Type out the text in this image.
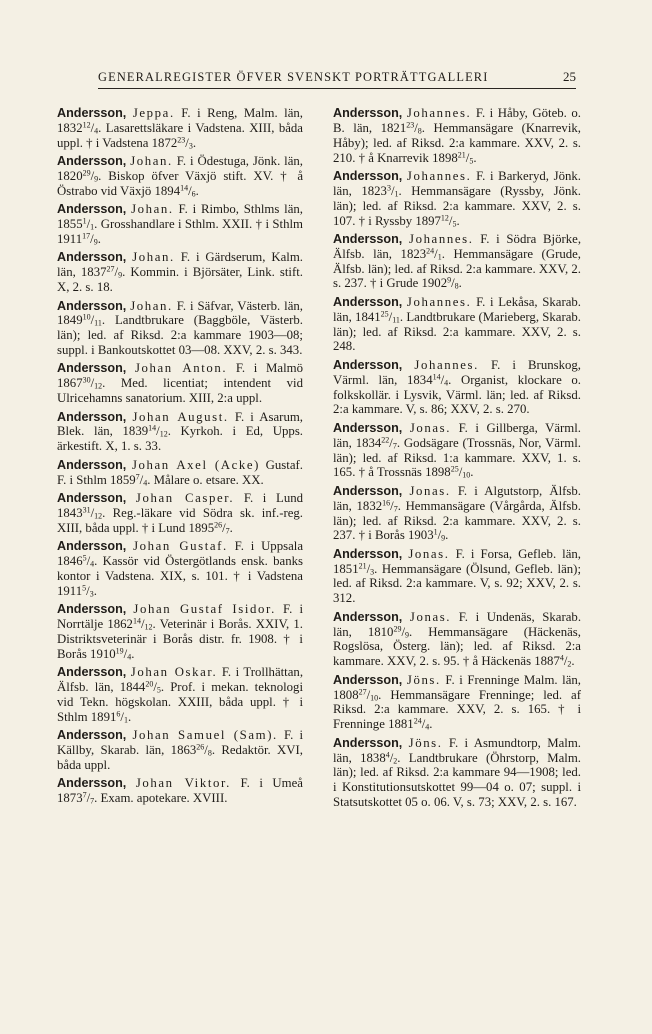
GENERALREGISTER ÖFVER SVENSKT PORTRÄTTGALLERI	25

Andersson, Jeppa. F. i Reng, Malm. län, $1832^{12}/_4$. Lasarettsläkare i Vadstena. XIII, båda uppl. † i Vadstena $1872^{23}/_3$.

Andersson, Johan. F. i Ödestuga, Jönk. län, $1820^{29}/_9$. Biskop öfver Växjö stift. XV. † å Östrabo vid Växjö $1894^{14}/_6$.

Andersson, Johan. F. i Rimbo, Sthlms län, $1855^1/_1$. Grosshandlare i Sthlm. XXII. † i Sthlm $1911^{17}/_9$.

Andersson, Johan. F. i Gärdserum, Kalm. län, $1837^{27}/_9$. Kommin. i Björsäter, Link. stift. X, 2. s. 18.

Andersson, Johan. F. i Säfvar, Västerb. län, $1849^{10}/_{11}$. Landtbrukare (Baggböle, Västerb. län); led. af Riksd. 2:a kammare 1903—08; suppl. i Bankoutskottet 03—08. XXV, 2. s. 343.

Andersson, Johan Anton. F. i Malmö $1867^{30}/_{12}$. Med. licentiat; intendent vid Ulricehamns sanatorium. XIII, 2:a uppl.

Andersson, Johan August. F. i Asarum, Blek. län, $1839^{14}/_{12}$. Kyrkoh. i Ed, Upps. ärkestift. X, 1. s. 33.

Andersson, Johan Axel (Acke) Gustaf. F. i Sthlm $1859^7/_4$. Målare o. etsare. XX.

Andersson, Johan Casper. F. i Lund $1843^{31}/_{12}$. Reg.-läkare vid Södra sk. inf.-reg. XIII, båda uppl. † i Lund $1895^{26}/_7$.

Andersson, Johan Gustaf. F. i Uppsala $1846^5/_4$. Kassör vid Östergötlands ensk. banks kontor i Vadstena. XIX, s. 101. † i Vadstena $1911^5/_3$.

Andersson, Johan Gustaf Isidor. F. i Norrtälje $1862^{14}/_{12}$. Veterinär i Borås. XXIV, 1. Distriktsveterinär i Borås distr. fr. 1908. † i Borås $1910^{19}/_4$.

Andersson, Johan Oskar. F. i Trollhättan, Älfsb. län, $1844^{20}/_5$. Prof. i mekan. teknologi vid Tekn. högskolan. XXIII, båda uppl. † i Sthlm $1891^6/_1$.

Andersson, Johan Samuel (Sam). F. i Källby, Skarab. län, $1863^{26}/_8$. Redaktör. XVI, båda uppl.

Andersson, Johan Viktor. F. i Umeå $1873^7/_7$. Exam. apotekare. XVIII.

Andersson, Johannes. F. i Håby, Göteb. o. B. län, $1821^{23}/_8$. Hemmansägare (Knarrevik, Håby); led. af Riksd. 2:a kammare. XXV, 2. s. 210. † å Knarrevik $1898^{21}/_5$.

Andersson, Johannes. F. i Barkeryd, Jönk. län, $1823^3/_1$. Hemmansägare (Ryssby, Jönk. län); led. af Riksd. 2:a kammare. XXV, 2. s. 107. † i Ryssby $1897^{12}/_5$.

Andersson, Johannes. F. i Södra Björke, Älfsb. län, $1823^{24}/_1$. Hemmansägare (Grude, Älfsb. län); led. af Riksd. 2:a kammare. XXV, 2. s. 237. † i Grude $1902^9/_8$.

Andersson, Johannes. F. i Lekåsa, Skarab. län, $1841^{25}/_{11}$. Landtbrukare (Marieberg, Skarab. län); led. af Riksd. 2:a kammare. XXV, 2. s. 248.

Andersson, Johannes. F. i Brunskog, Värml. län, $1834^{14}/_4$. Organist, klockare o. folkskollär. i Lysvik, Värml. län; led. af Riksd. 2:a kammare. V, s. 86; XXV, 2. s. 270.

Andersson, Jonas. F. i Gillberga, Värml. län, $1834^{22}/_7$. Godsägare (Trossnäs, Nor, Värml. län); led. af Riksd. 1:a kammare. XXV, 1. s. 165. † å Trossnäs $1898^{25}/_{10}$.

Andersson, Jonas. F. i Algutstorp, Älfsb. län, $1832^{16}/_7$. Hemmansägare (Vårgårda, Älfsb. län); led. af Riksd. 2:a kammare. XXV, 2. s. 237. † i Borås $1903^1/_9$.

Andersson, Jonas. F. i Forsa, Gefleb. län, $1851^{21}/_3$. Hemmansägare (Ölsund, Gefleb. län); led. af Riksd. 2:a kammare. V, s. 92; XXV, 2. s. 312.

Andersson, Jonas. F. i Undenäs, Skarab. län, $1810^{29}/_9$. Hemmansägare (Häckenäs, Rogslösa, Österg. län); led. af Riksd. 2:a kammare. XXV, 2. s. 95. † å Häckenäs $1887^4/_2$.

Andersson, Jöns. F. i Frenninge Malm. län, $1808^{27}/_{10}$. Hemmansägare Frenninge; led. af Riksd. 2:a kammare. XXV, 2. s. 165. † i Frenninge $1881^{24}/_4$.

Andersson, Jöns. F. i Asmundtorp, Malm. län, $1838^4/_2$. Landtbrukare (Öhrstorp, Malm. län); led. af Riksd. 2:a kammare 94—1908; led. i Konstitutionsutskottet 99—04 o. 07; suppl. i Statsutskottet 05 o. 06. V, s. 73; XXV, 2. s. 167.
